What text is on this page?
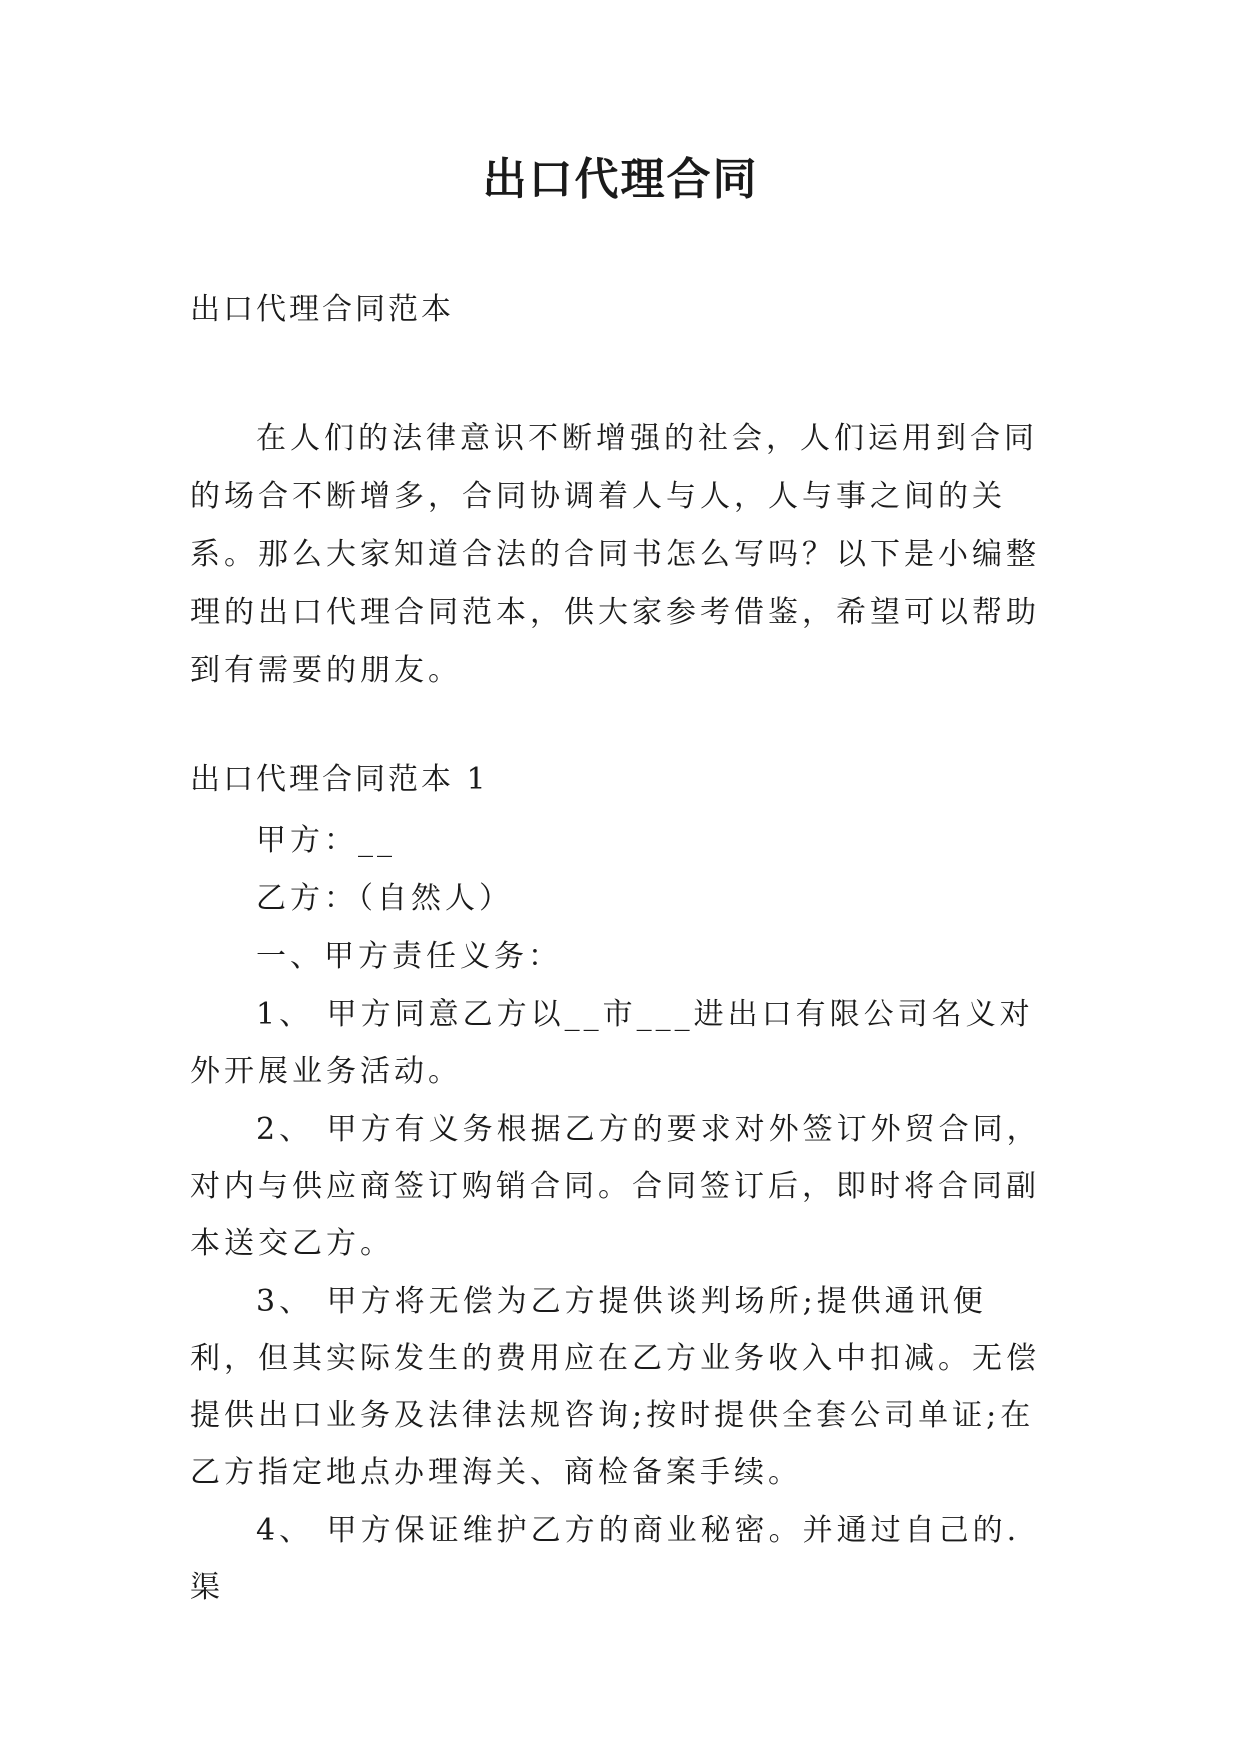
出口代理合同
出口代理合同范本

在人们的法律意识不断增强的社会，人们运用到合同的场合不断增多，合同协调着人与人，人与事之间的关系。那么大家知道合法的合同书怎么写吗？以下是小编整理的出口代理合同范本，供大家参考借鉴，希望可以帮助到有需要的朋友。

出口代理合同范本 1

甲方：__

乙方：（自然人）

一、甲方责任义务：

1、 甲方同意乙方以__市___进出口有限公司名义对外开展业务活动。

2、 甲方有义务根据乙方的要求对外签订外贸合同，对内与供应商签订购销合同。合同签订后，即时将合同副本送交乙方。

3、 甲方将无偿为乙方提供谈判场所;提供通讯便利，但其实际发生的费用应在乙方业务收入中扣减。无偿提供出口业务及法律法规咨询;按时提供全套公司单证;在乙方指定地点办理海关、商检备案手续。

4、 甲方保证维护乙方的商业秘密。并通过自己的.渠
